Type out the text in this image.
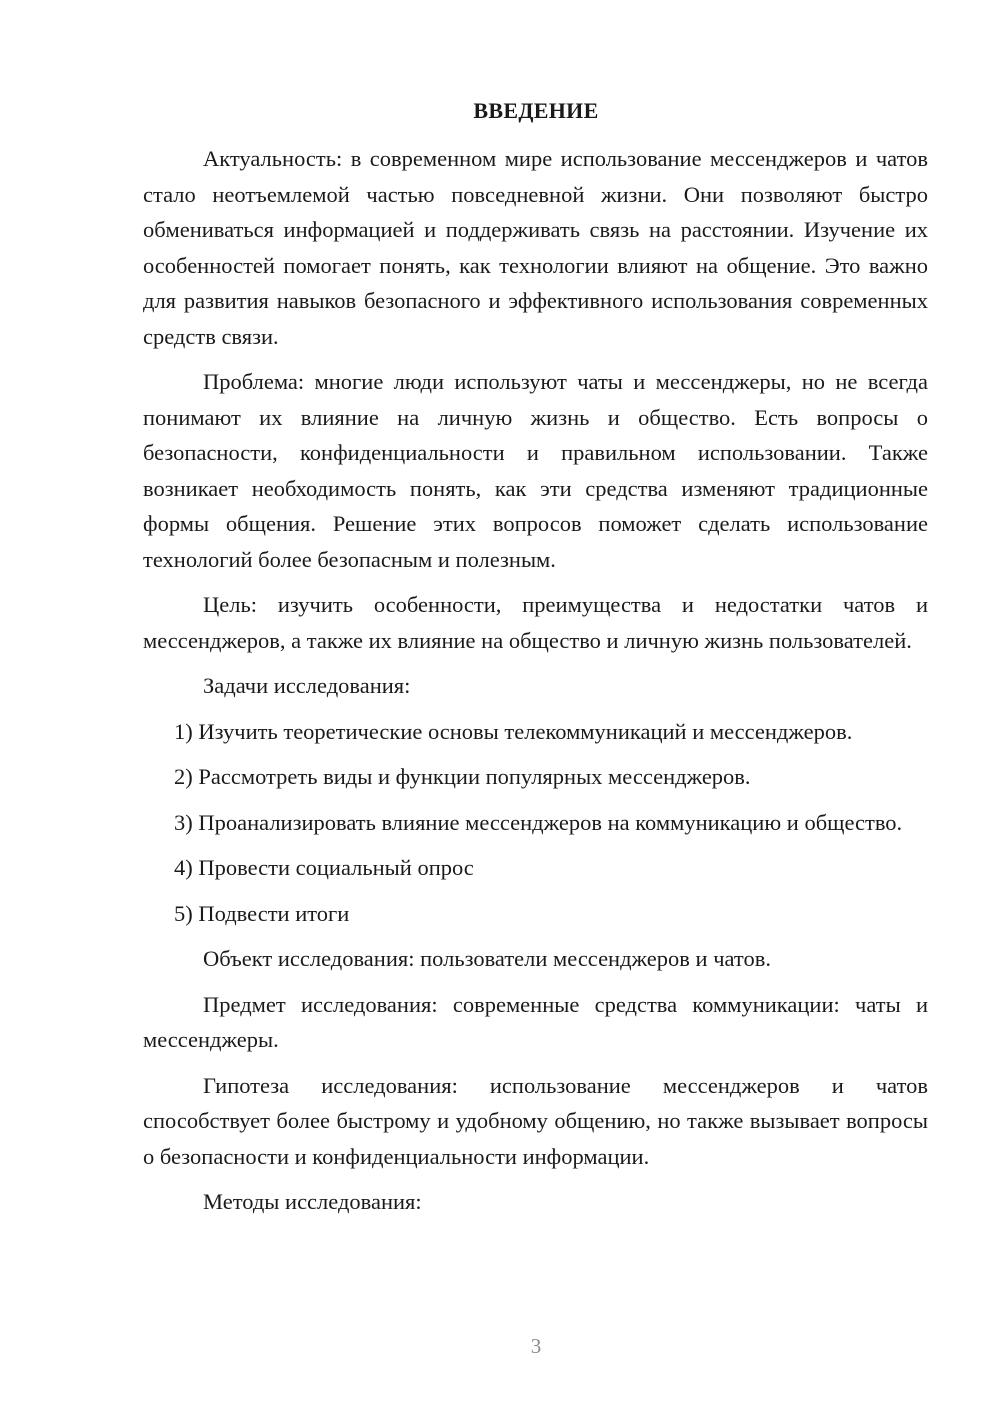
ВВЕДЕНИЕ

Актуальность: в современном мире использование мессенджеров и чатов стало неотъемлемой частью повседневной жизни. Они позволяют быстро обмениваться информацией и поддерживать связь на расстоянии. Изучение их особенностей помогает понять, как технологии влияют на общение. Это важно для развития навыков безопасного и эффективного использования современных средств связи.

Проблема: многие люди используют чаты и мессенджеры, но не всегда понимают их влияние на личную жизнь и общество. Есть вопросы о безопасности, конфиденциальности и правильном использовании. Также возникает необходимость понять, как эти средства изменяют традиционные формы общения. Решение этих вопросов поможет сделать использование технологий более безопасным и полезным.

Цель: изучить особенности, преимущества и недостатки чатов и мессенджеров, а также их влияние на общество и личную жизнь пользователей.

Задачи исследования:

1) Изучить теоретические основы телекоммуникаций и мессенджеров.

2) Рассмотреть виды и функции популярных мессенджеров.

3) Проанализировать влияние мессенджеров на коммуникацию и общество.

4) Провести социальный опрос

5) Подвести итоги

Объект исследования: пользователи мессенджеров и чатов.

Предмет исследования: современные средства коммуникации: чаты и мессенджеры.

Гипотеза исследования: использование мессенджеров и чатов способствует более быстрому и удобному общению, но также вызывает вопросы о безопасности и конфиденциальности информации.

Методы исследования:

3
